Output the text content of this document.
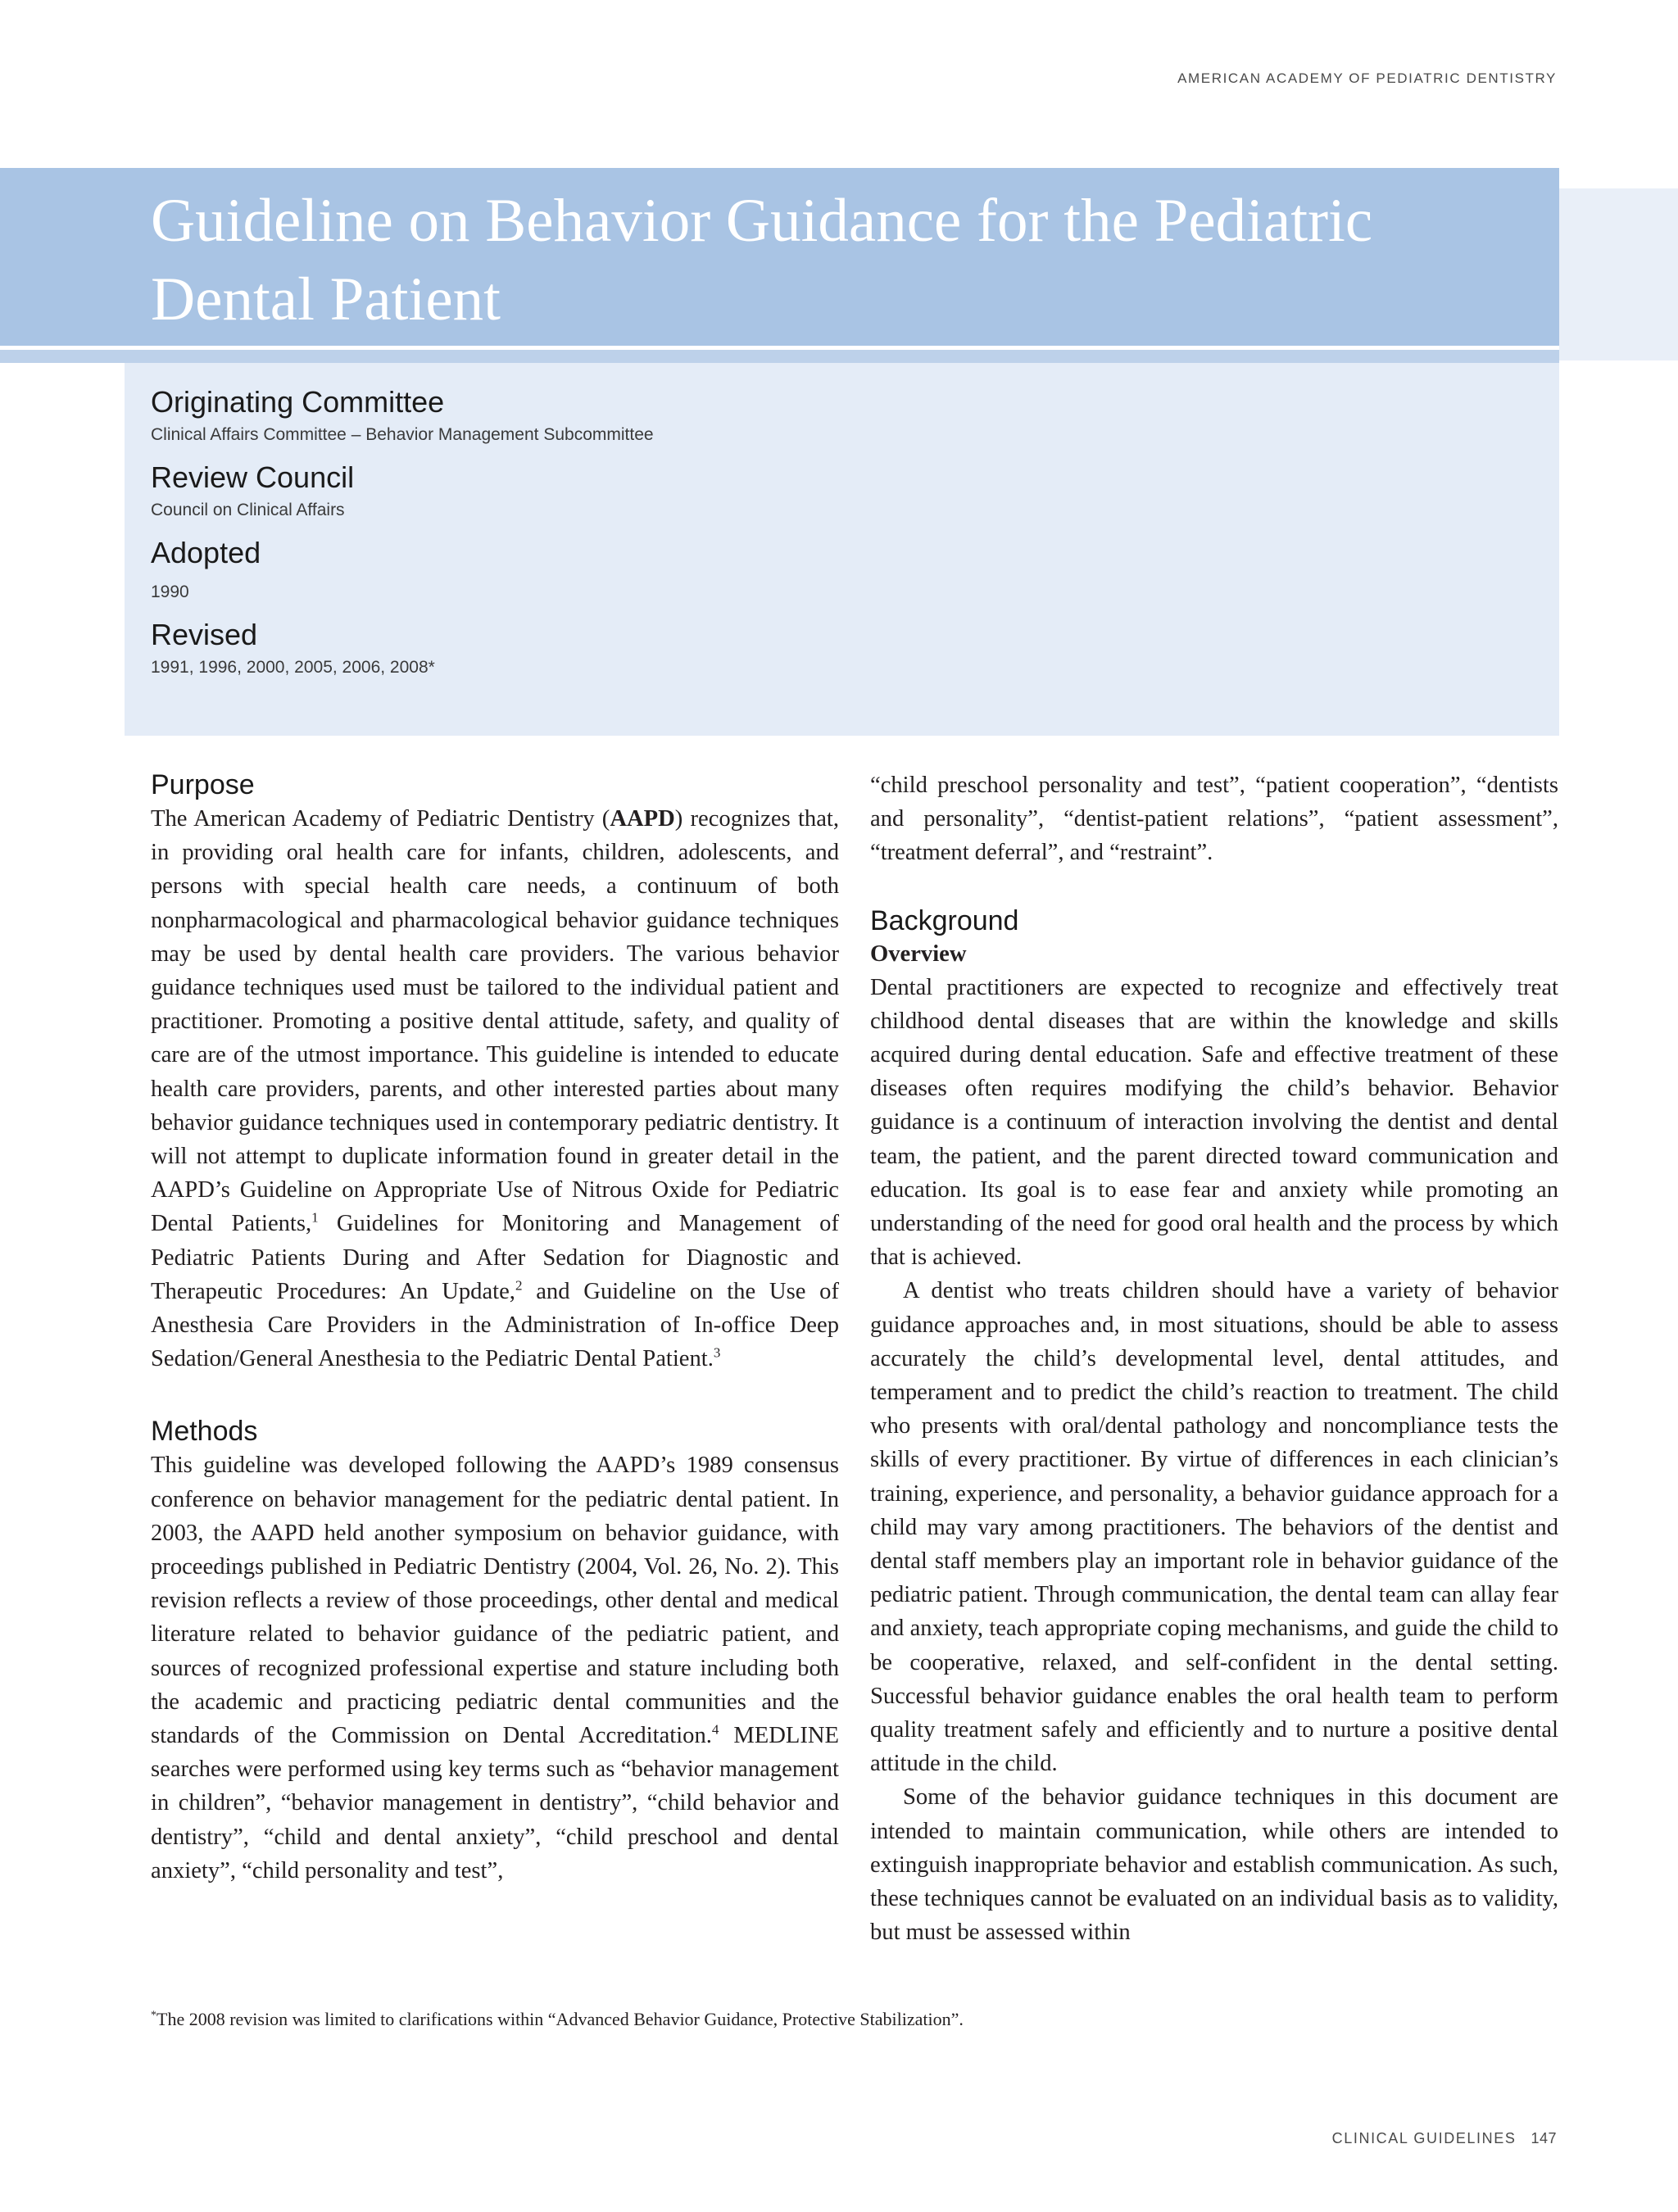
AMERICAN ACADEMY OF PEDIATRIC DENTISTRY
Guideline on Behavior Guidance for the Pediatric
Dental Patient
Originating Committee

Clinical Affairs Committee – Behavior Management Subcommittee

Review Council

Council on Clinical Affairs

Adopted

1990

Revised

1991, 1996, 2000, 2005, 2006, 2008*

Purpose

The American Academy of Pediatric Dentistry (AAPD) recognizes that, in providing oral health care for infants, children, adolescents, and persons with special health care needs, a continuum of both nonpharmacological and pharmacological behavior guidance techniques may be used by dental health care providers. The various behavior guidance techniques used must be tailored to the individual patient and practitioner. Promoting a positive dental attitude, safety, and quality of care are of the utmost importance. This guideline is intended to educate health care providers, parents, and other interested parties about many behavior guidance techniques used in contemporary pediatric dentistry. It will not attempt to duplicate information found in greater detail in the AAPD’s Guideline on Appropriate Use of Nitrous Oxide for Pediatric Dental Patients,$^1$ Guidelines for Monitoring and Management of Pediatric Patients During and After Sedation for Diagnostic and Therapeutic Procedures: An Update,$^2$ and Guideline on the Use of Anesthesia Care Providers in the Administration of In-office Deep Sedation/General Anesthesia to the Pediatric Dental Patient.$^3$

Methods

This guideline was developed following the AAPD’s 1989 consensus conference on behavior management for the pediatric dental patient. In 2003, the AAPD held another symposium on behavior guidance, with proceedings published in Pediatric Dentistry (2004, Vol. 26, No. 2). This revision reflects a review of those proceedings, other dental and medical literature related to behavior guidance of the pediatric patient, and sources of recognized professional expertise and stature including both the academic and practicing pediatric dental communities and the standards of the Commission on Dental Accreditation.$^4$ MEDLINE searches were performed using key terms such as “behavior management in children”, “behavior management in dentistry”, “child behavior and dentistry”, “child and dental anxiety”, “child preschool and dental anxiety”, “child personality and test”,

“child preschool personality and test”, “patient cooperation”, “dentists and personality”, “dentist-patient relations”, “patient assessment”, “treatment deferral”, and “restraint”.

Background
Overview

Dental practitioners are expected to recognize and effectively treat childhood dental diseases that are within the knowledge and skills acquired during dental education. Safe and effective treatment of these diseases often requires modifying the child’s behavior. Behavior guidance is a continuum of interaction involving the dentist and dental team, the patient, and the parent directed toward communication and education. Its goal is to ease fear and anxiety while promoting an understanding of the need for good oral health and the process by which that is achieved.

A dentist who treats children should have a variety of behavior guidance approaches and, in most situations, should be able to assess accurately the child’s developmental level, dental attitudes, and temperament and to predict the child’s reaction to treatment. The child who presents with oral/dental pathology and noncompliance tests the skills of every practitioner. By virtue of differences in each clinician’s training, experience, and personality, a behavior guidance approach for a child may vary among practitioners. The behaviors of the dentist and dental staff members play an important role in behavior guidance of the pediatric patient. Through communication, the dental team can allay fear and anxiety, teach appropriate coping mechanisms, and guide the child to be cooperative, relaxed, and self-confident in the dental setting. Successful behavior guidance enables the oral health team to perform quality treatment safely and efficiently and to nurture a positive dental attitude in the child.

Some of the behavior guidance techniques in this document are intended to maintain communication, while others are intended to extinguish inappropriate behavior and establish communication. As such, these techniques cannot be evaluated on an individual basis as to validity, but must be assessed within

*The 2008 revision was limited to clarifications within “Advanced Behavior Guidance, Protective Stabilization”.
CLINICAL GUIDELINES 147
